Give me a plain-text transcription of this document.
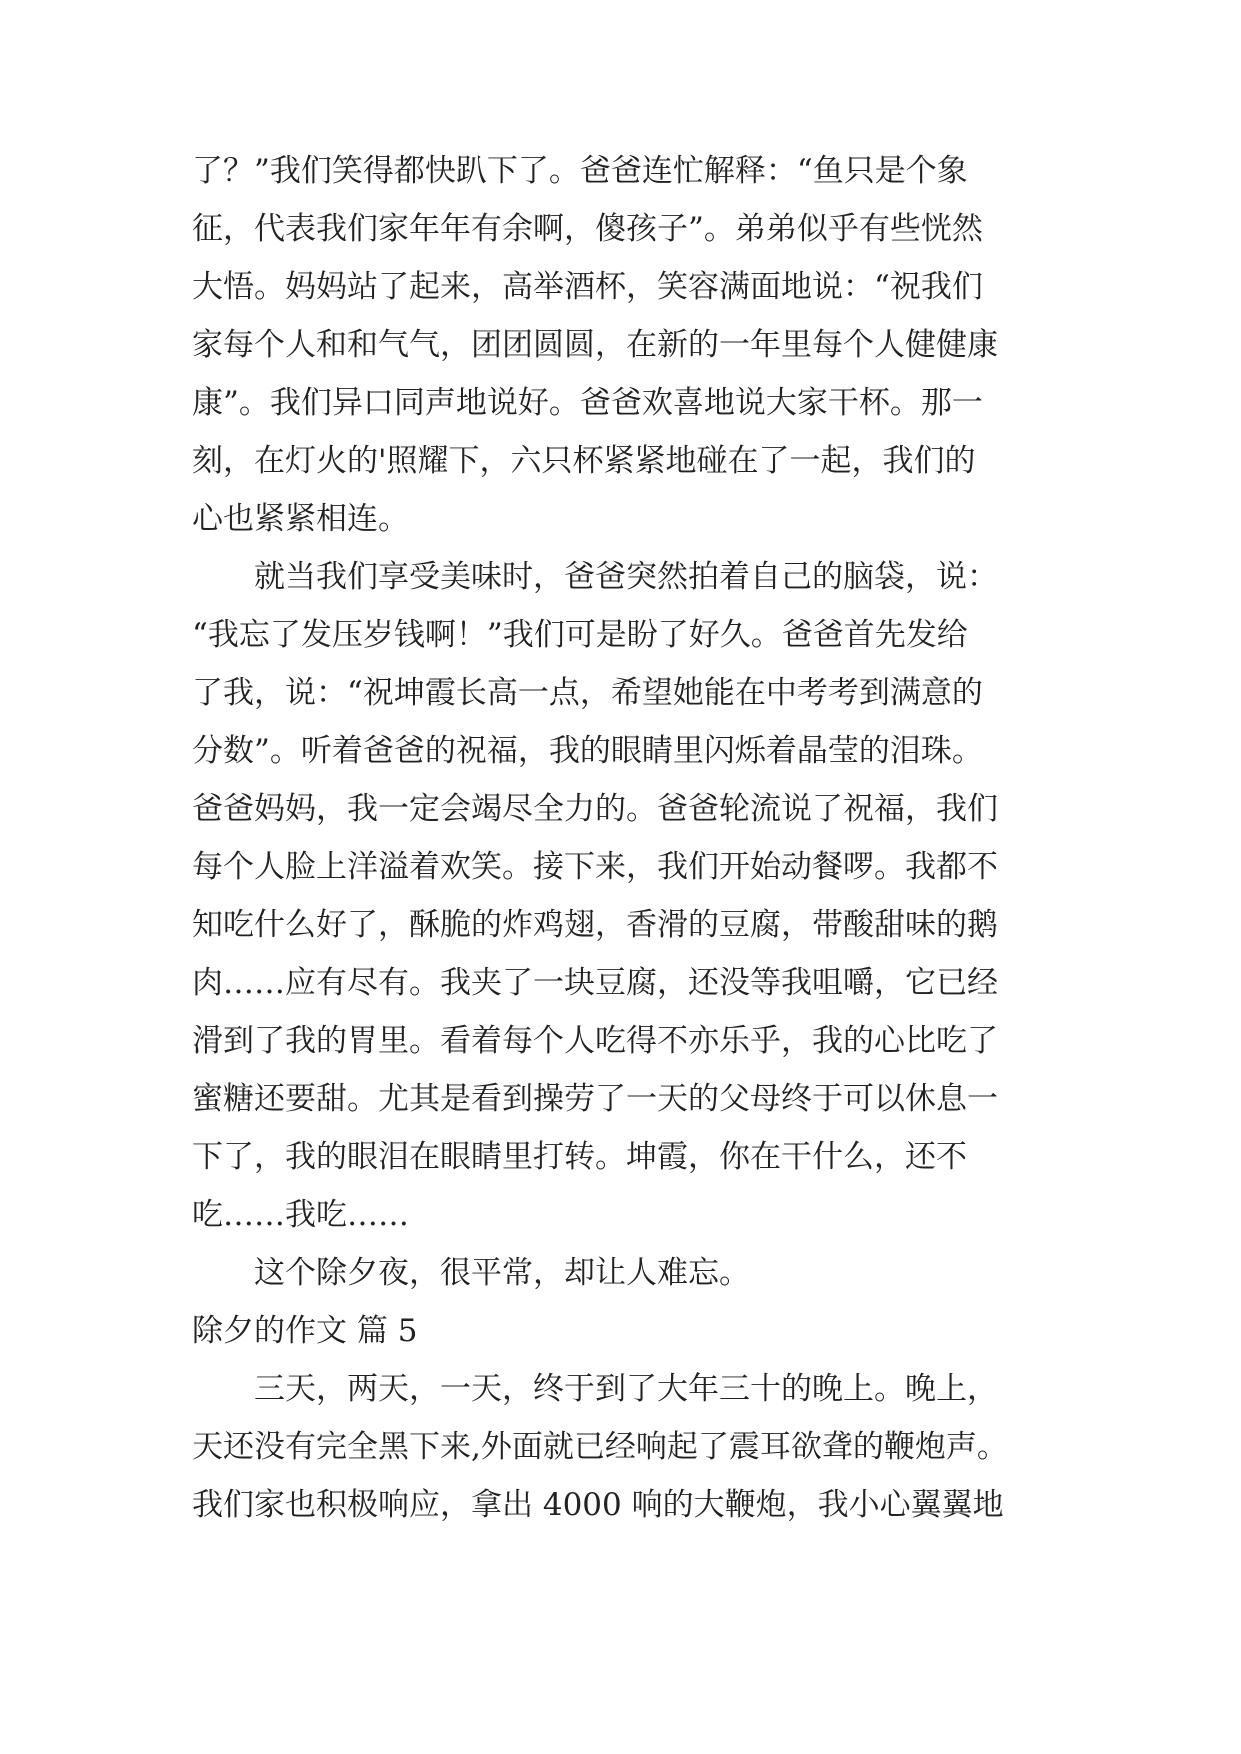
了？”我们笑得都快趴下了。爸爸连忙解释：“鱼只是个象
征，代表我们家年年有余啊，傻孩子”。弟弟似乎有些恍然
大悟。妈妈站了起来，高举酒杯，笑容满面地说：“祝我们
家每个人和和气气，团团圆圆，在新的一年里每个人健健康
康”。我们异口同声地说好。爸爸欢喜地说大家干杯。那一
刻，在灯火的'照耀下，六只杯紧紧地碰在了一起，我们的
心也紧紧相连。
就当我们享受美味时，爸爸突然拍着自己的脑袋，说：
“我忘了发压岁钱啊！”我们可是盼了好久。爸爸首先发给
了我，说：“祝坤霞长高一点，希望她能在中考考到满意的
分数”。听着爸爸的祝福，我的眼睛里闪烁着晶莹的泪珠。
爸爸妈妈，我一定会竭尽全力的。爸爸轮流说了祝福，我们
每个人脸上洋溢着欢笑。接下来，我们开始动餐啰。我都不
知吃什么好了，酥脆的炸鸡翅，香滑的豆腐，带酸甜味的鹅
肉……应有尽有。我夹了一块豆腐，还没等我咀嚼，它已经
滑到了我的胃里。看着每个人吃得不亦乐乎，我的心比吃了
蜜糖还要甜。尤其是看到操劳了一天的父母终于可以休息一
下了，我的眼泪在眼睛里打转。坤霞，你在干什么，还不
吃……我吃……
这个除夕夜，很平常，却让人难忘。
除夕的作文 篇 5
三天，两天，一天，终于到了大年三十的晚上。晚上，
天还没有完全黑下来,外面就已经响起了震耳欲聋的鞭炮声。
我们家也积极响应，拿出 4000 响的大鞭炮，我小心翼翼地
